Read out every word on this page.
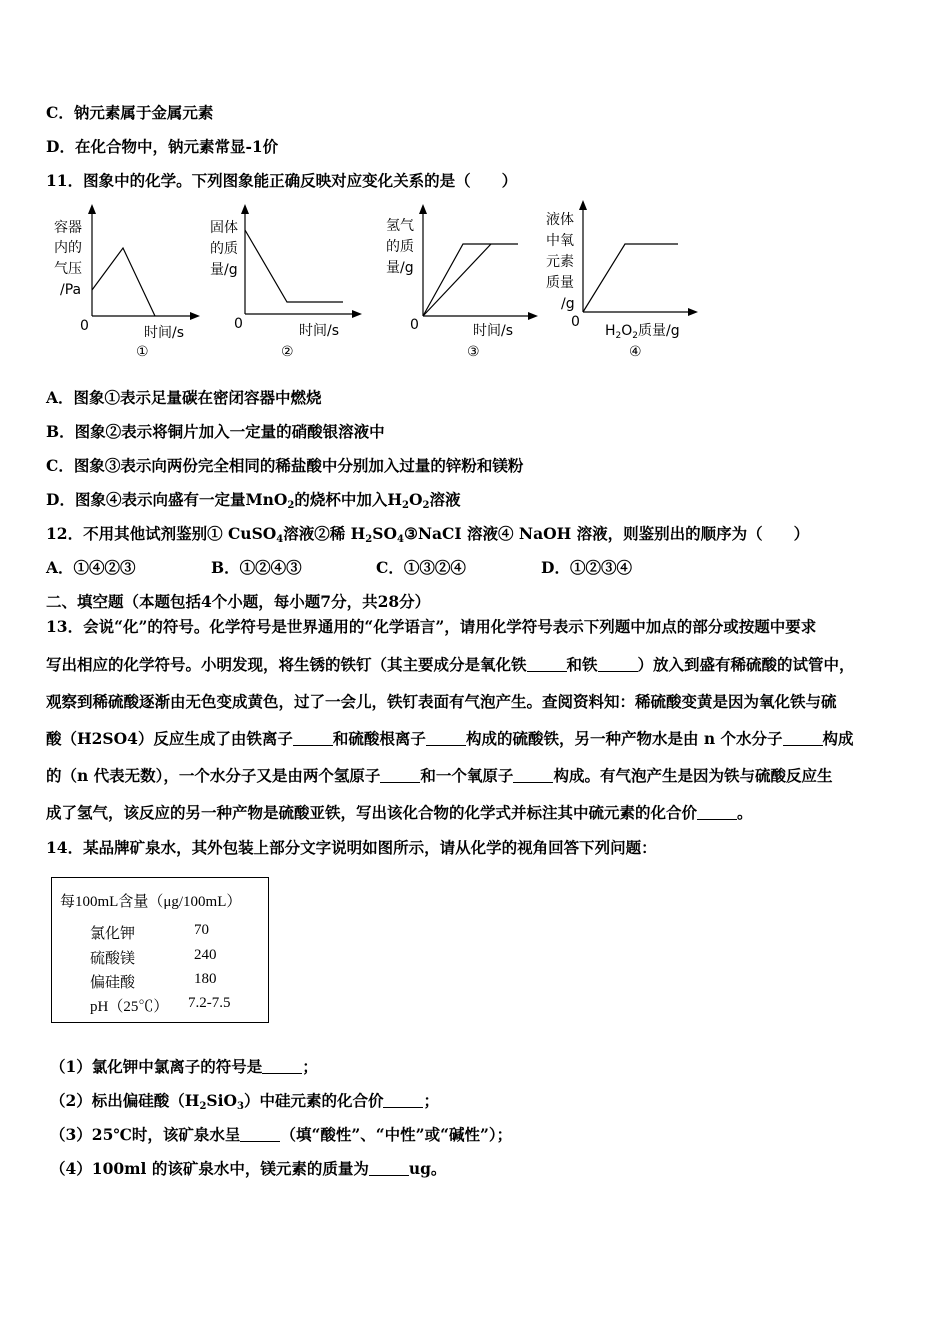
C．钠元素属于金属元素
D．在化合物中，钠元素常显-1价
11．图象中的化学。下列图象能正确反映对应变化关系的是（　　）
容器
内的
气压
/Pa
0	时间/s
①
固体
的质
量/g
0	时间/s
②
氢气
的质
量/g
0	时间/s
③
液体
中氧
元素
质量
/g
0
$H_2O_2$质量/g
④
A．图象①表示足量碳在密闭容器中燃烧
B．图象②表示将铜片加入一定量的硝酸银溶液中
C．图象③表示向两份完全相同的稀盐酸中分别加入过量的锌粉和镁粉
D．图象④表示向盛有一定量MnO$_2$的烧杯中加入$H_2O_2$溶液
12．不用其他试剂鉴别① CuSO$_4$溶液②稀 $H_2SO_4③NaCI$ 溶液④ NaOH 溶液，则鉴别出的顺序为（　　）
A．①④②③	B．①②④③	C．①③②④	D．①②③④
二、填空题（本题包括4个小题，每小题7分，共28分）
13．会说“化”的符号。化学符号是世界通用的“化学语言”，请用化学符号表示下列题中加点的部分或按题中要求
写出相应的化学符号。小明发现，将生锈的铁钉（其主要成分是氧化铁	和铁	）放入到盛有稀硫酸的试管中，
观察到稀硫酸逐渐由无色变成黄色，过了一会儿，铁钉表面有气泡产生。查阅资料知：稀硫酸变黄是因为氧化铁与硫
酸（H2SO4）反应生成了由铁离子	和硫酸根离子	构成的硫酸铁，另一种产物水是由 n 个水分子	构成
的（n 代表无数），一个水分子又是由两个氢原子	和一个氧原子	构成。有气泡产生是因为铁与硫酸反应生
成了氢气，该反应的另一种产物是硫酸亚铁，写出该化合物的化学式并标注其中硫元素的化合价	。
14．某品牌矿泉水，其外包装上部分文字说明如图所示，请从化学的视角回答下列问题：
每100mL含量（μg/100mL）
氯化钾	70
硫酸镁	240
偏硅酸	180
pH（25℃） 7.2-7.5
（1）氯化钾中氯离子的符号是	；
（2）标出偏硅酸$(H_2SiO_3)$中硅元素的化合价	；
（3）25℃时，该矿泉水呈	（填“酸性”、“中性”或“碱性”）；
（4）100ml 的该矿泉水中，镁元素的质量为	ug。
